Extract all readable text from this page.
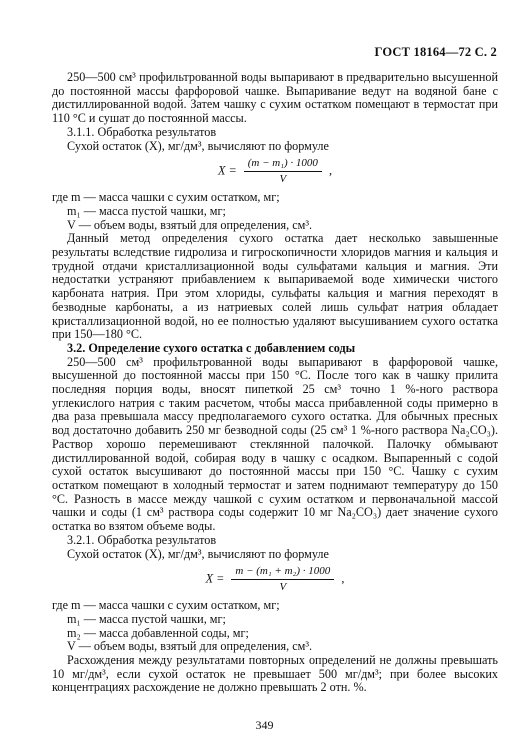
ГОСТ 18164—72 С. 2

250—500 см³ профильтрованной воды выпаривают в предварительно высушенной до постоянной массы фарфоровой чашке. Выпаривание ведут на водяной бане с дистиллированной водой. Затем чашку с сухим остатком помещают в термостат при 110 °С и сушат до постоянной массы.

3.1.1. Обработка результатов

Сухой остаток (X), мг/дм³, вычисляют по формуле

$X = \frac{\text{(m − m₁) · 1000}}{V}$ ,

где m — масса чашки с сухим остатком, мг;

m₁ — масса пустой чашки, мг;

V — объем воды, взятый для определения, см³.

Данный метод определения сухого остатка дает несколько завышенные результаты вследствие гидролиза и гигроскопичности хлоридов магния и кальция и трудной отдачи кристаллизационной воды сульфатами кальция и магния. Эти недостатки устраняют прибавлением к выпариваемой воде химически чистого карбоната натрия. При этом хлориды, сульфаты кальция и магния переходят в безводные карбонаты, а из натриевых солей лишь сульфат натрия обладает кристаллизационной водой, но ее полностью удаляют высушиванием сухого остатка при 150—180 °С.

3.2. Определение сухого остатка с добавлением соды

250—500 см³ профильтрованной воды выпаривают в фарфоровой чашке, высушенной до постоянной массы при 150 °С. После того как в чашку прилита последняя порция воды, вносят пипеткой 25 см³ точно 1 %-ного раствора углекислого натрия с таким расчетом, чтобы масса прибавленной соды примерно в два раза превышала массу предполагаемого сухого остатка. Для обычных пресных вод достаточно добавить 250 мг безводной соды (25 см³ 1 %-ного раствора Na₂CO₃). Раствор хорошо перемешивают стеклянной палочкой. Палочку обмывают дистиллированной водой, собирая воду в чашку с осадком. Выпаренный с содой сухой остаток высушивают до постоянной массы при 150 °С. Чашку с сухим остатком помещают в холодный термостат и затем поднимают температуру до 150 °С. Разность в массе между чашкой с сухим остатком и первоначальной массой чашки и соды (1 см³ раствора соды содержит 10 мг Na₂CO₃) дает значение сухого остатка во взятом объеме воды.

3.2.1. Обработка результатов

Сухой остаток (X), мг/дм³, вычисляют по формуле

$X = \frac{\text{m − (m₁ + m₂) · 1000}}{V}$ ,

где m — масса чашки с сухим остатком, мг;

m₁ — масса пустой чашки, мг;

m₂ — масса добавленной соды, мг;

V — объем воды, взятый для определения, см³.

Расхождения между результатами повторных определений не должны превышать 10 мг/дм³, если сухой остаток не превышает 500 мг/дм³; при более высоких концентрациях расхождение не должно превышать 2 отн. %.

349
